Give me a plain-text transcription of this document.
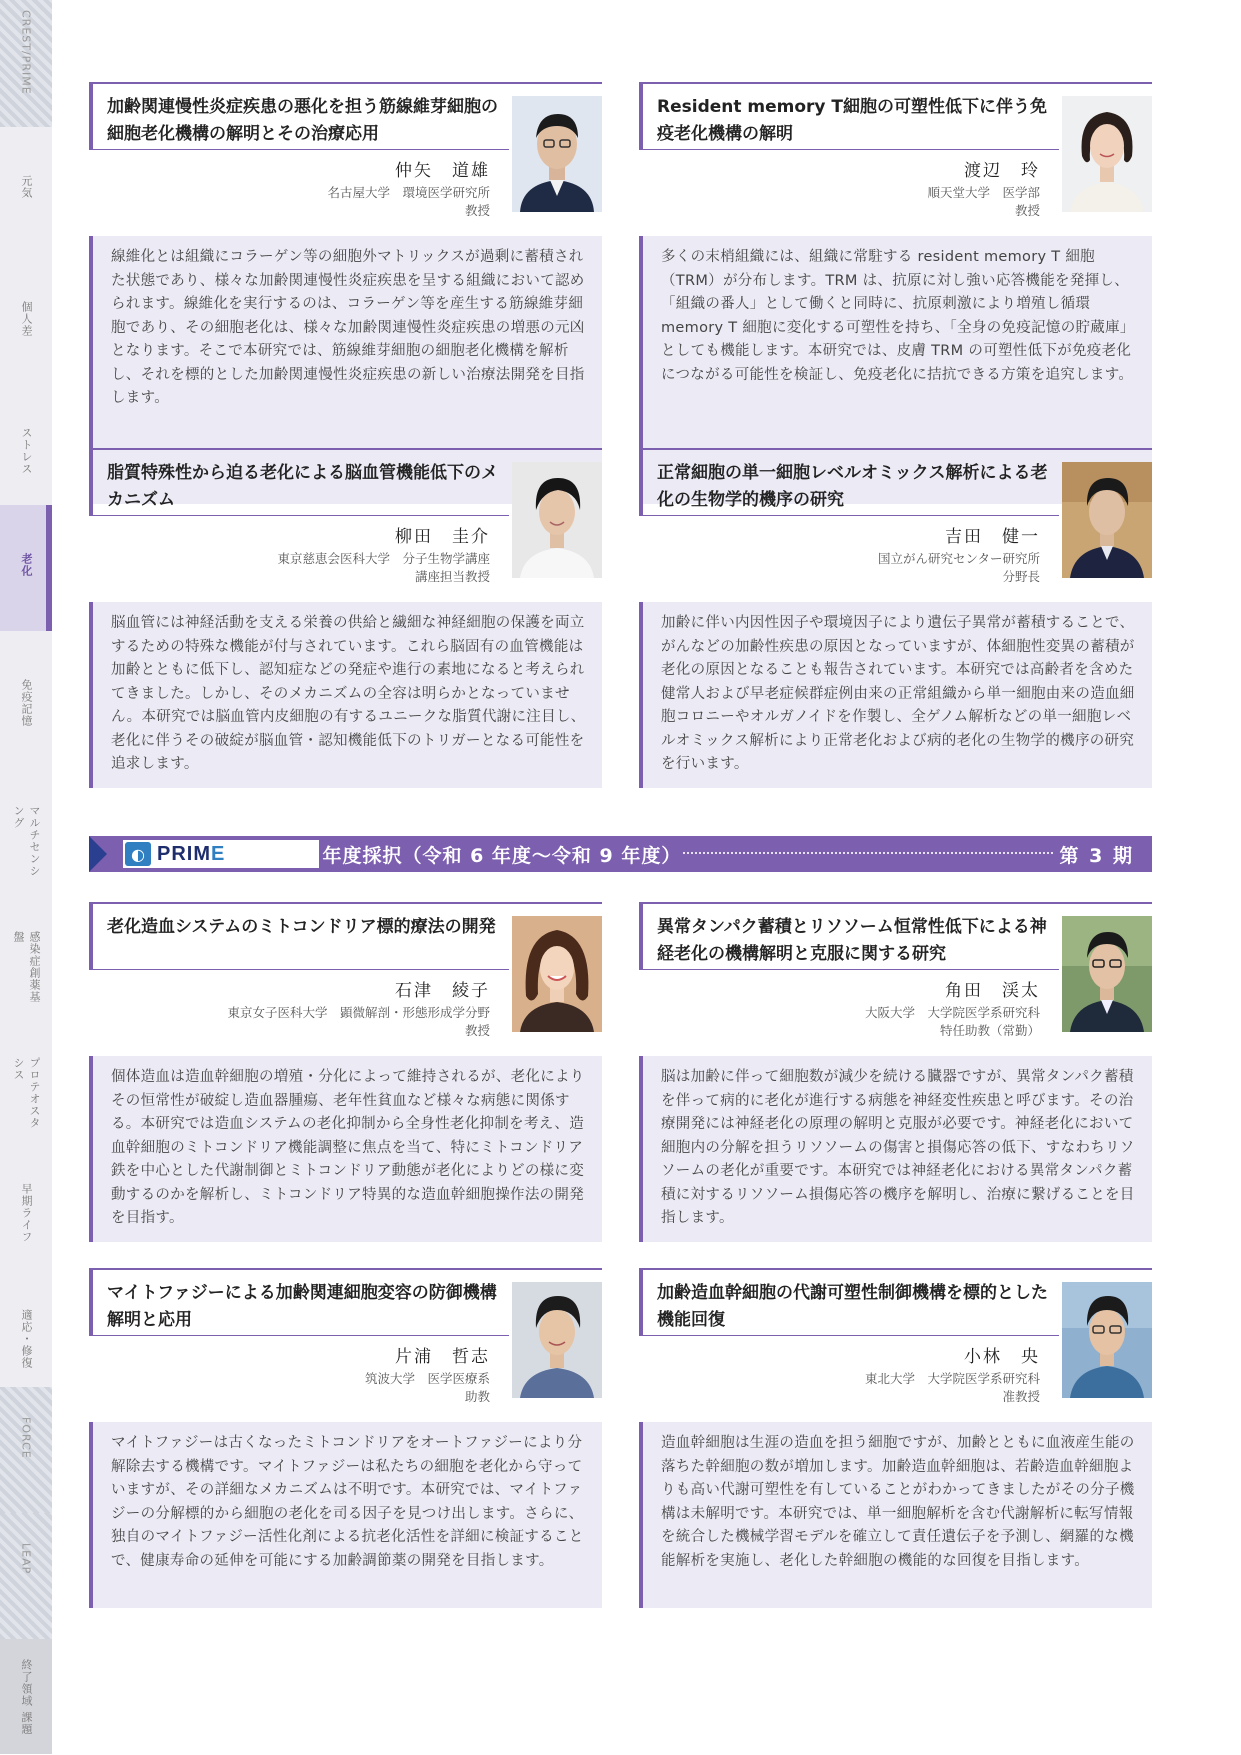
CREST/PRIME
元気
個人差
ストレス
老化
免疫記憶
マルチセンシング
感染症創薬基盤
プロテオスタシス
早期ライフ
適応・修復
FORCE
LEAP
終了領域 課題
加齢関連慢性炎症疾患の悪化を担う筋線維芽細胞の細胞老化機構の解明とその治療応用
仲矢　道雄
名古屋大学　環境医学研究所
教授
線維化とは組織にコラーゲン等の細胞外マトリックスが過剰に蓄積された状態であり、様々な加齢関連慢性炎症疾患を呈する組織において認められます。線維化を実行するのは、コラーゲン等を産生する筋線維芽細胞であり、その細胞老化は、様々な加齢関連慢性炎症疾患の増悪の元凶となります。そこで本研究では、筋線維芽細胞の細胞老化機構を解析し、それを標的とした加齢関連慢性炎症疾患の新しい治療法開発を目指します。
Resident memory T細胞の可塑性低下に伴う免疫老化機構の解明
渡辺　玲
順天堂大学　医学部
教授
多くの末梢組織には、組織に常駐する resident memory T 細胞（TRM）が分布します。TRM は、抗原に対し強い応答機能を発揮し、「組織の番人」として働くと同時に、抗原刺激により増殖し循環 memory T 細胞に変化する可塑性を持ち、「全身の免疫記憶の貯蔵庫」としても機能します。本研究では、皮膚 TRM の可塑性低下が免疫老化につながる可能性を検証し、免疫老化に拮抗できる方策を追究します。
脂質特殊性から迫る老化による脳血管機能低下のメカニズム
柳田　圭介
東京慈恵会医科大学　分子生物学講座
講座担当教授
脳血管には神経活動を支える栄養の供給と繊細な神経細胞の保護を両立するための特殊な機能が付与されています。これら脳固有の血管機能は加齢とともに低下し、認知症などの発症や進行の素地になると考えられてきました。しかし、そのメカニズムの全容は明らかとなっていません。本研究では脳血管内皮細胞の有するユニークな脂質代謝に注目し、老化に伴うその破綻が脳血管・認知機能低下のトリガーとなる可能性を追求します。
正常細胞の単一細胞レベルオミックス解析による老化の生物学的機序の研究
吉田　健一
国立がん研究センター研究所
分野長
加齢に伴い内因性因子や環境因子により遺伝子異常が蓄積することで、がんなどの加齢性疾患の原因となっていますが、体細胞性変異の蓄積が老化の原因となることも報告されています。本研究では高齢者を含めた健常人および早老症候群症例由来の正常組織から単一細胞由来の造血細胞コロニーやオルガノイドを作製し、全ゲノム解析などの単一細胞レベルオミックス解析により正常老化および病的老化の生物学的機序の研究を行います。
◐ PRIME 令和 6 年度採択（令和 6 年度〜令和 9 年度）	第 3 期
老化造血システムのミトコンドリア標的療法の開発
石津　綾子
東京女子医科大学　顕微解剖・形態形成学分野
教授
個体造血は造血幹細胞の増殖・分化によって維持されるが、老化によりその恒常性が破綻し造血器腫瘍、老年性貧血など様々な病態に関係する。本研究では造血システムの老化抑制から全身性老化抑制を考え、造血幹細胞のミトコンドリア機能調整に焦点を当て、特にミトコンドリア鉄を中心とした代謝制御とミトコンドリア動態が老化によりどの様に変動するのかを解析し、ミトコンドリア特異的な造血幹細胞操作法の開発を目指す。
異常タンパク蓄積とリソソーム恒常性低下による神経老化の機構解明と克服に関する研究
角田　渓太
大阪大学　大学院医学系研究科
特任助教（常勤）
脳は加齢に伴って細胞数が減少を続ける臓器ですが、異常タンパク蓄積を伴って病的に老化が進行する病態を神経変性疾患と呼びます。その治療開発には神経老化の原理の解明と克服が必要です。神経老化において細胞内の分解を担うリソソームの傷害と損傷応答の低下、すなわちリソソームの老化が重要です。本研究では神経老化における異常タンパク蓄積に対するリソソーム損傷応答の機序を解明し、治療に繋げることを目指します。
マイトファジーによる加齢関連細胞変容の防御機構解明と応用
片浦　哲志
筑波大学　医学医療系
助教
マイトファジーは古くなったミトコンドリアをオートファジーにより分解除去する機構です。マイトファジーは私たちの細胞を老化から守っていますが、その詳細なメカニズムは不明です。本研究では、マイトファジーの分解標的から細胞の老化を司る因子を見つけ出します。さらに、独自のマイトファジー活性化剤による抗老化活性を詳細に検証することで、健康寿命の延伸を可能にする加齢調節薬の開発を目指します。
加齢造血幹細胞の代謝可塑性制御機構を標的とした機能回復
小林　央
東北大学　大学院医学系研究科
准教授
造血幹細胞は生涯の造血を担う細胞ですが、加齢とともに血液産生能の落ちた幹細胞の数が増加します。加齢造血幹細胞は、若齢造血幹細胞よりも高い代謝可塑性を有していることがわかってきましたがその分子機構は未解明です。本研究では、単一細胞解析を含む代謝解析に転写情報を統合した機械学習モデルを確立して責任遺伝子を予測し、網羅的な機能解析を実施し、老化した幹細胞の機能的な回復を目指します。
